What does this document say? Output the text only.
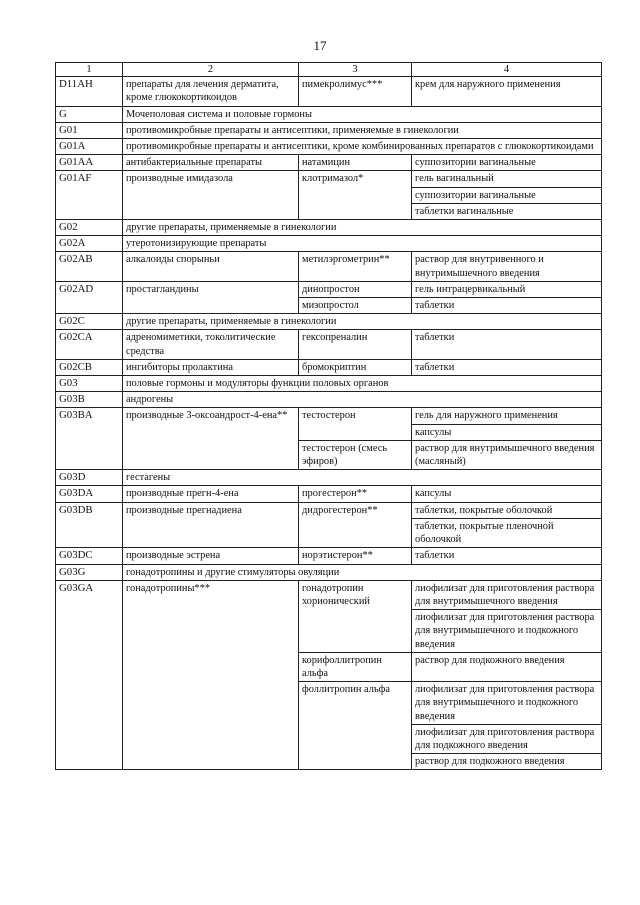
17
1	2	3	4
D11AH	препараты для лечения дерматита, кроме глюкокортикоидов	пимекролимус***	крем для наружного применения
G	Мочеполовая система и половые гормоны		
G01	противомикробные препараты и антисептики, применяемые в гинекологии		
G01A	противомикробные препараты и антисептики, кроме комбинированных препаратов с глюкокортикоидами		
G01AA	антибактериальные препараты	натамицин	суппозитории вагинальные
G01AF	производные имидазола	клотримазол*	гель вагинальный
			суппозитории вагинальные
			таблетки вагинальные
G02	другие препараты, применяемые в гинекологии		
G02A	утеротонизирующие препараты		
G02AB	алкалоиды спорыньи	метилэргометрин**	раствор для внутривенного и внутримышечного введения
G02AD	простагландины	динопростон	гель интрацервикальный
		мизопростол	таблетки
G02C	другие препараты, применяемые в гинекологии		
G02CA	адреномиметики, токолитические средства	гексопреналин	таблетки
G02CB	ингибиторы пролактина	бромокриптин	таблетки
G03	половые гормоны и модуляторы функции половых органов		
G03B	андрогены		
G03BA	производные 3-оксоандрост-4-ена**	тестостерон	гель для наружного применения
			капсулы
		тестостерон (смесь эфиров)	раствор для внутримышечного введения (масляный)
G03D	гестагены		
G03DA	производные прегн-4-ена	прогестерон**	капсулы
G03DB	производные прегнадиена	дидрогестерон**	таблетки, покрытые оболочкой
			таблетки, покрытые пленочной оболочкой
G03DC	производные эстрена	норэтистерон**	таблетки
G03G	гонадотропины и другие стимуляторы овуляции		
G03GA	гонадотропины***	гонадотропин хорионический	лиофилизат для приготовления раствора для внутримышечного введения
			лиофилизат для приготовления раствора для внутримышечного и подкожного введения
		корифоллитропин альфа	раствор для подкожного введения
		фоллитропин альфа	лиофилизат для приготовления раствора для внутримышечного и подкожного введения
			лиофилизат для приготовления раствора для подкожного введения
			раствор для подкожного введения
